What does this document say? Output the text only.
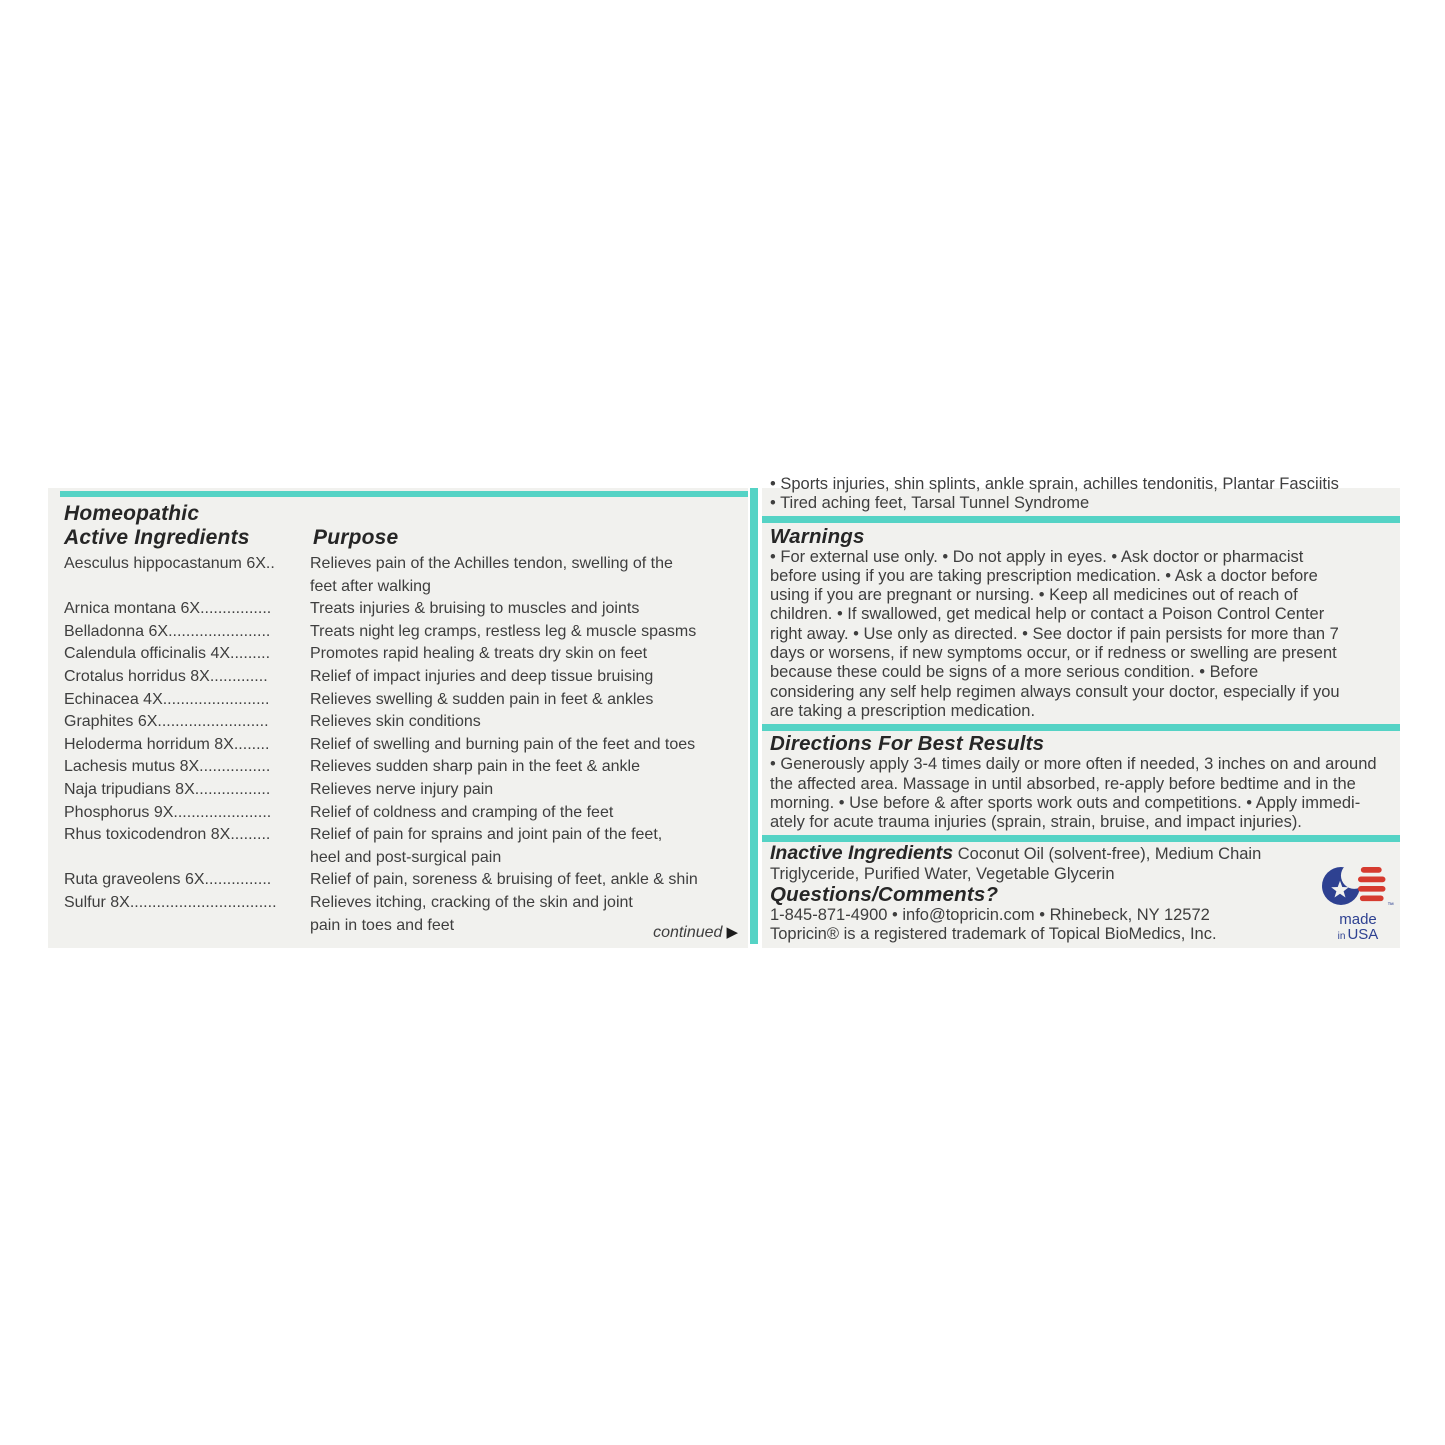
Homeopathic
Active Ingredients	Purpose
Aesculus hippocastanum 6X..	Relieves pain of the Achilles tendon, swelling of the
feet after walking
Arnica montana 6X................	Treats injuries & bruising to muscles and joints
Belladonna 6X.......................	Treats night leg cramps, restless leg & muscle spasms
Calendula officinalis 4X.........	Promotes rapid healing & treats dry skin on feet
Crotalus horridus 8X.............	Relief of impact injuries and deep tissue bruising
Echinacea 4X........................	Relieves swelling & sudden pain in feet & ankles
Graphites 6X.........................	Relieves skin conditions
Heloderma horridum 8X........	Relief of swelling and burning pain of the feet and toes
Lachesis mutus 8X................	Relieves sudden sharp pain in the feet & ankle
Naja tripudians 8X.................	Relieves nerve injury pain
Phosphorus 9X......................	Relief of coldness and cramping of the feet
Rhus toxicodendron 8X.........	Relief of pain for sprains and joint pain of the feet,
heel and post-surgical pain
Ruta graveolens 6X...............	Relief of pain, soreness & bruising of feet, ankle & shin
Sulfur 8X.................................	Relieves itching, cracking of the skin and joint
pain in toes and feet	continued ▶
• Sports injuries, shin splints, ankle sprain, achilles tendonitis, Plantar Fasciitis
• Tired aching feet, Tarsal Tunnel Syndrome
Warnings
• For external use only. • Do not apply in eyes. • Ask doctor or pharmacist
before using if you are taking prescription medication. • Ask a doctor before
using if you are pregnant or nursing. • Keep all medicines out of reach of
children. • If swallowed, get medical help or contact a Poison Control Center
right away. • Use only as directed. • See doctor if pain persists for more than 7
days or worsens, if new symptoms occur, or if redness or swelling are present
because these could be signs of a more serious condition. • Before
considering any self help regimen always consult your doctor, especially if you
are taking a prescription medication.
Directions For Best Results
• Generously apply 3-4 times daily or more often if needed, 3 inches on and around
the affected area. Massage in until absorbed, re-apply before bedtime and in the
morning. • Use before & after sports work outs and competitions. • Apply immedi-
ately for acute trauma injuries (sprain, strain, bruise, and impact injuries).
Inactive Ingredients Coconut Oil (solvent-free), Medium Chain
Triglyceride, Purified Water, Vegetable Glycerin
Questions/Comments?
1-845-871-4900 • info@topricin.com • Rhinebeck, NY 12572
Topricin® is a registered trademark of Topical BioMedics, Inc.
™
made
in USA
